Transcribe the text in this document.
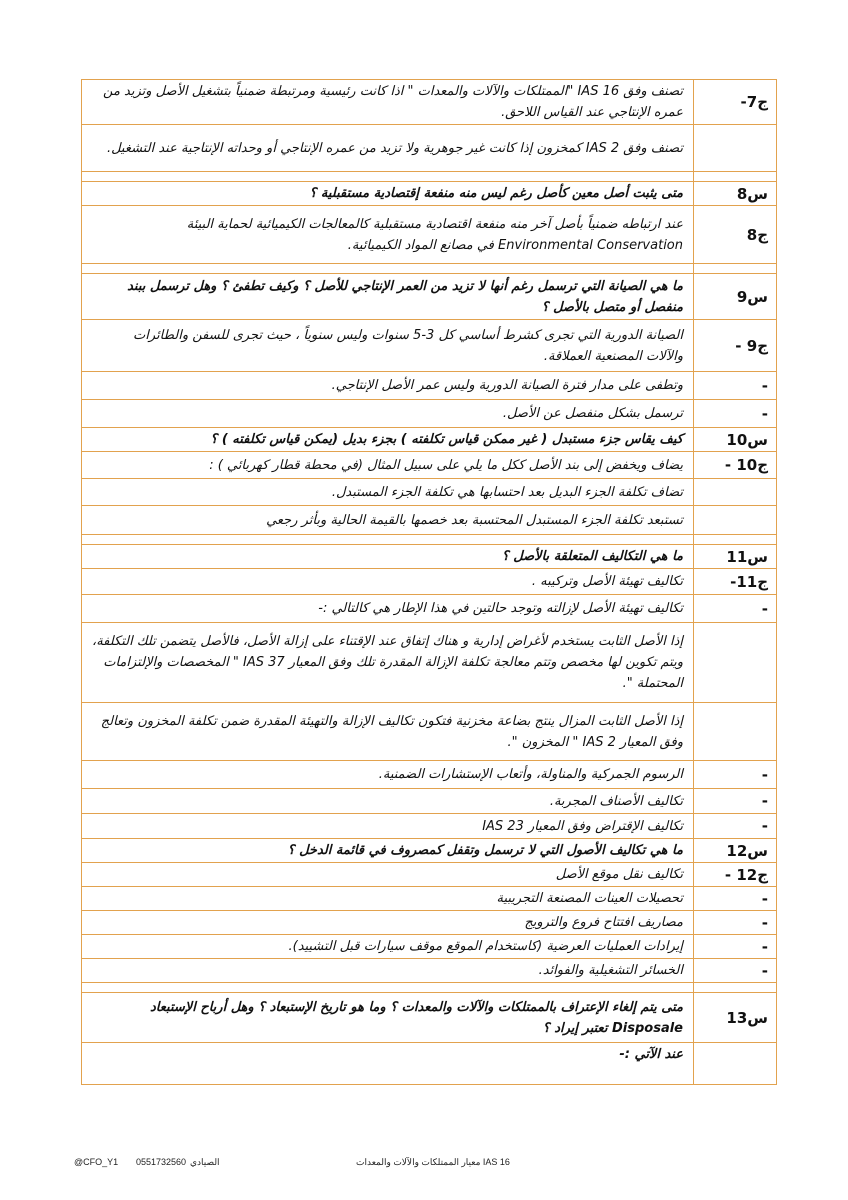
ج7-	تصنف وفق IAS 16 "الممتلكات والآلات والمعدات " اذا كانت رئيسية ومرتبطة ضمنياً بتشغيل الأصل وتزيد من عمره الإنتاجي عند القياس اللاحق.
	تصنف وفق IAS 2 كمخزون إذا كانت غير جوهرية ولا تزيد من عمره الإنتاجي أو وحداته الإنتاجية عند التشغيل.

س8	متى يثبت أصل معين كأصل رغم ليس منه منفعة إقتصادية مستقبلية ؟
ج8	عند ارتباطه ضمنياً بأصل آخر منه منفعة اقتصادية مستقبلية كالمعالجات الكيميائية لحماية البيئة Environmental Conservation في مصانع المواد الكيميائية.

س9	ما هي الصيانة التي ترسمل رغم أنها لا تزيد من العمر الإنتاجي للأصل ؟ وكيف تطفئ ؟ وهل ترسمل ببند منفصل أو متصل بالأصل ؟
ج9 -	الصيانة الدورية التي تجرى كشرط أساسي كل 3-5 سنوات وليس سنوياً ، حيث تجرى للسفن والطائرات والآلات المصنعية العملاقة.
-	وتطفى على مدار فترة الصيانة الدورية وليس عمر الأصل الإنتاجي.
-	ترسمل بشكل منفصل عن الأصل.
س10	كيف يقاس جزء مستبدل ( غير ممكن قياس تكلفته ) بجزء بديل (يمكن قياس تكلفته ) ؟
ج10 -	يضاف ويخفض إلى بند الأصل ككل ما يلي على سبيل المثال (في محطة قطار كهربائي ) :
	تضاف تكلفة الجزء البديل بعد احتسابها هي تكلفة الجزء المستبدل.
	تستبعد تكلفة الجزء المستبدل المحتسبة بعد خصمها بالقيمة الحالية وبأثر رجعي

س11	ما هي التكاليف المتعلقة بالأصل ؟
ج11-	تكاليف تهيئة الأصل وتركيبه .
-	تكاليف تهيئة الأصل لإزالته وتوجد حالتين في هذا الإطار هي كالتالي :-
	إذا الأصل الثابت يستخدم لأغراض إدارية و هناك إتفاق عند الإقتناء على إزالة الأصل، فالأصل يتضمن تلك التكلفة، ويتم تكوين لها مخصص وتتم معالجة تكلفة الإزالة المقدرة تلك وفق المعيار IAS 37 " المخصصات والإلتزامات المحتملة ".
	إذا الأصل الثابت المزال ينتج بضاعة مخزنية فتكون تكاليف الإزالة والتهيئة المقدرة ضمن تكلفة المخزون وتعالج وفق المعيار IAS 2 " المخزون ".
-	الرسوم الجمركية والمناولة، وأتعاب الإستشارات الضمنية.
-	تكاليف الأصناف المجربة.
-	تكاليف الإقتراض وفق المعيار IAS 23
س12	ما هي تكاليف الأصول التي لا ترسمل وتقفل كمصروف في قائمة الدخل ؟
ج12 -	تكاليف نقل موقع الأصل
-	تحصيلات العينات المصنعة التجريبية
-	مصاريف افتتاح فروع والترويج
-	إيرادات العمليات العرضية (كاستخدام الموقع موقف سيارات قبل التشييد).
-	الخسائر التشغيلية والفوائد.

س13	متى يتم إلغاء الإعتراف بالممتلكات والآلات والمعدات ؟ وما هو تاريخ الإستبعاد ؟ وهل أرباح الإستبعاد Disposale تعتبر إيراد ؟
	عند الآتي :-
معيار الممتلكات والآلات والمعدات IAS 16
الصيادي
0551732560
@CFO_Y1
